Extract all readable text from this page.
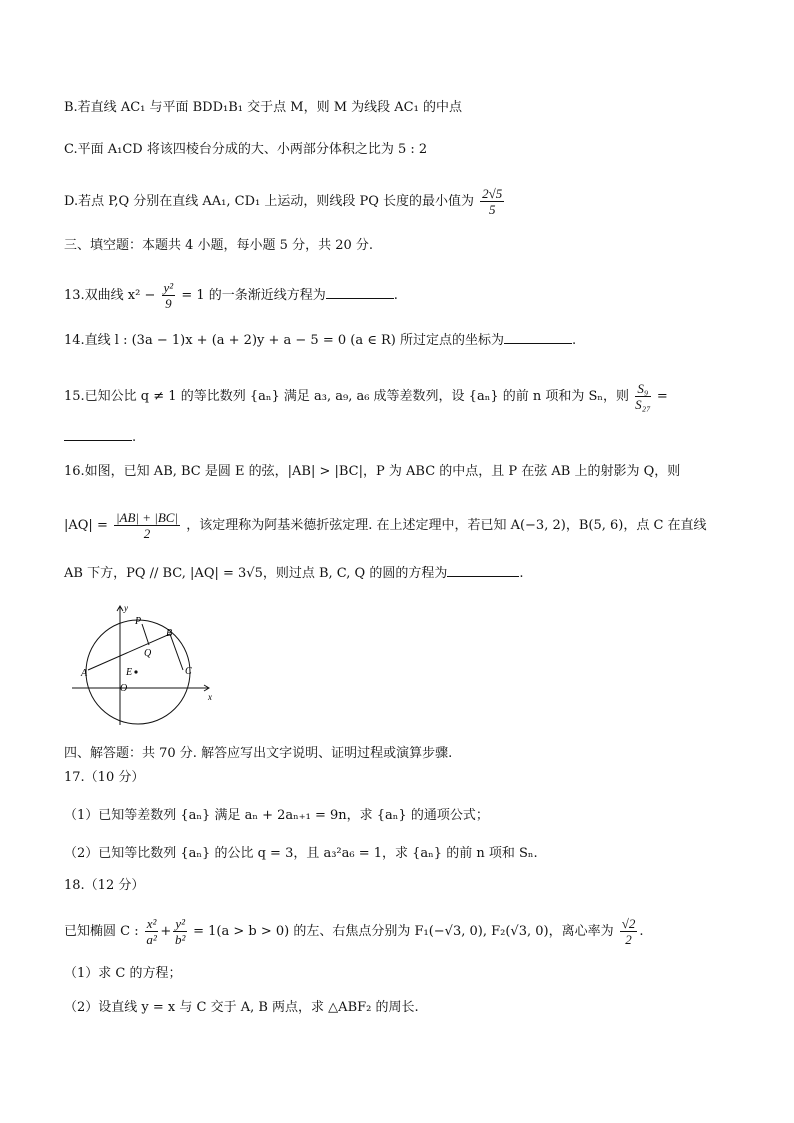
B.若直线 AC₁ 与平面 BDD₁B₁ 交于点 M，则 M 为线段 AC₁ 的中点
C.平面 A₁CD 将该四棱台分成的大、小两部分体积之比为 5 : 2
D.若点 P,Q 分别在直线 AA₁, CD₁ 上运动，则线段 PQ 长度的最小值为 $\frac{2√5}{5}$
三、填空题：本题共 4 小题，每小题 5 分，共 20 分.
13.双曲线 $x^2 - \frac{\text{y²}}{9} = 1$ 的一条渐近线方程为	.
14.直线 l : (3a − 1)x + (a + 2)y + a − 5 = 0 (a ∈ R) 所过定点的坐标为	.
15.已知公比 q ≠ 1 的等比数列 {aₙ} 满足 a₃, a₉, a₆ 成等差数列，设 {aₙ} 的前 n 项和为 Sₙ，则 $\frac{\text{S₉}}{\text{S₂₇}}$ =
.
16.如图，已知 AB, BC 是圆 E 的弦，|AB| > |BC|，P 为 ABC 的中点，且 P 在弦 AB 上的射影为 Q，则
$|AQ| = \frac{|AB| + |BC|}{2}$ ，该定理称为阿基米德折弦定理. 在上述定理中，若已知 A(−3, 2)，B(5, 6)，点 C 在直线
AB 下方，PQ // BC, |AQ| = 3√5，则过点 B, C, Q 的圆的方程为	.
y
x
O
A
B
C
P
Q
E
四、解答题：共 70 分. 解答应写出文字说明、证明过程或演算步骤.
17.（10 分）
（1）已知等差数列 {aₙ} 满足 aₙ + 2aₙ₊₁ = 9n，求 {aₙ} 的通项公式；
（2）已知等比数列 {aₙ} 的公比 q = 3，且 a₃²a₆ = 1，求 {aₙ} 的前 n 项和 Sₙ.
18.（12 分）
已知椭圆 C : $\frac{\text{x²}}{\text{a²}} + \frac{\text{y²}}{\text{b²}} = 1(a > b > 0)$ 的左、右焦点分别为 F₁(−√3, 0), F₂(√3, 0)，离心率为 $\frac{√2}{2}$ .
（1）求 C 的方程；
（2）设直线 y = x 与 C 交于 A, B 两点，求 △ABF₂ 的周长.
